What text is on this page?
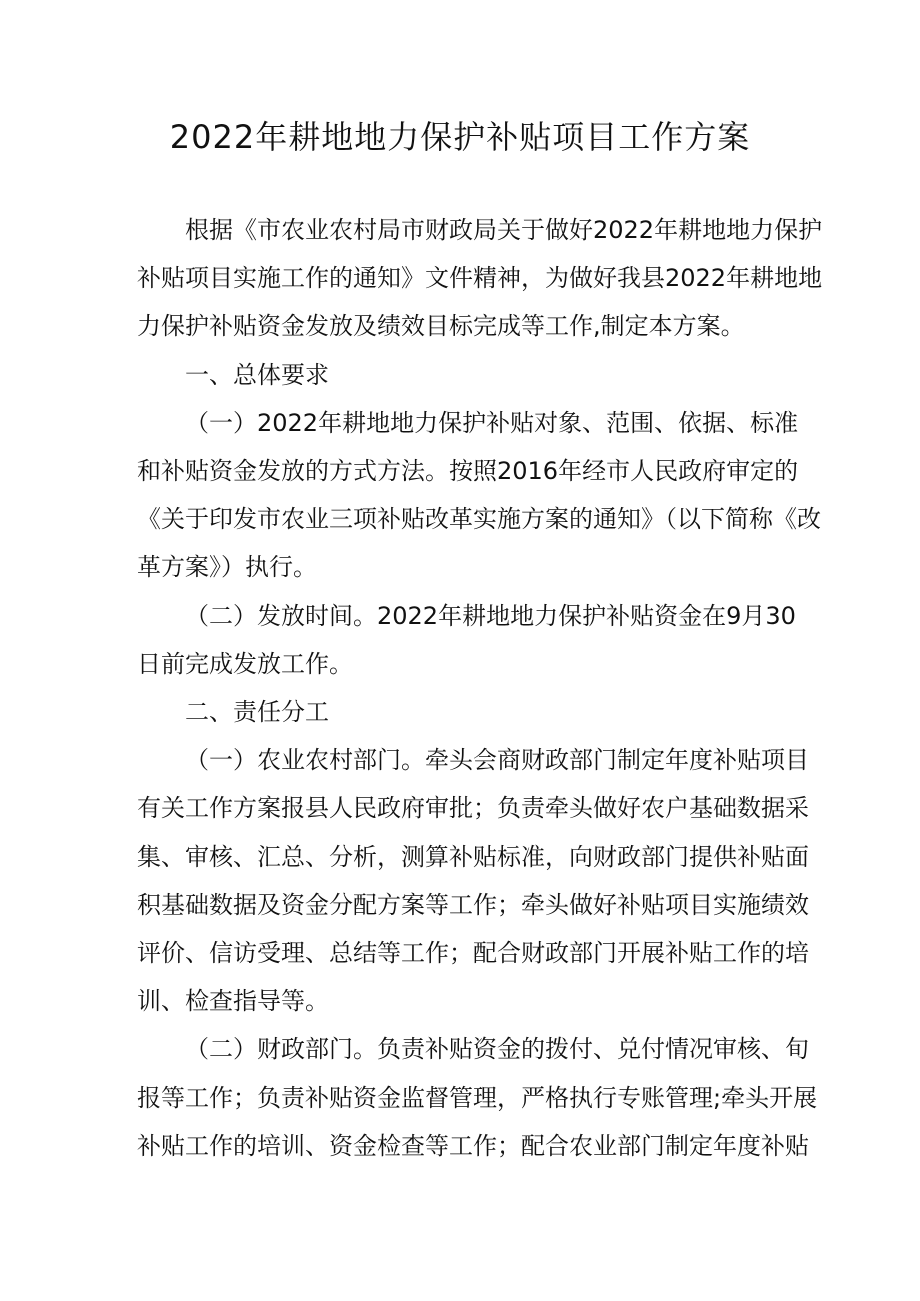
2022年耕地地力保护补贴项目工作方案
根据《市农业农村局市财政局关于做好2022年耕地地力保护
补贴项目实施工作的通知》文件精神，为做好我县2022年耕地地
力保护补贴资金发放及绩效目标完成等工作,制定本方案。
一、总体要求
（一）2022年耕地地力保护补贴对象、范围、依据、标准
和补贴资金发放的方式方法。按照2016年经市人民政府审定的
《关于印发市农业三项补贴改革实施方案的通知》（以下简称《改
革方案》）执行。
（二）发放时间。2022年耕地地力保护补贴资金在9月30
日前完成发放工作。
二、责任分工
（一）农业农村部门。牵头会商财政部门制定年度补贴项目
有关工作方案报县人民政府审批；负责牵头做好农户基础数据采
集、审核、汇总、分析，测算补贴标准，向财政部门提供补贴面
积基础数据及资金分配方案等工作；牵头做好补贴项目实施绩效
评价、信访受理、总结等工作；配合财政部门开展补贴工作的培
训、检查指导等。
（二）财政部门。负责补贴资金的拨付、兑付情况审核、旬
报等工作；负责补贴资金监督管理，严格执行专账管理;牵头开展
补贴工作的培训、资金检查等工作；配合农业部门制定年度补贴
